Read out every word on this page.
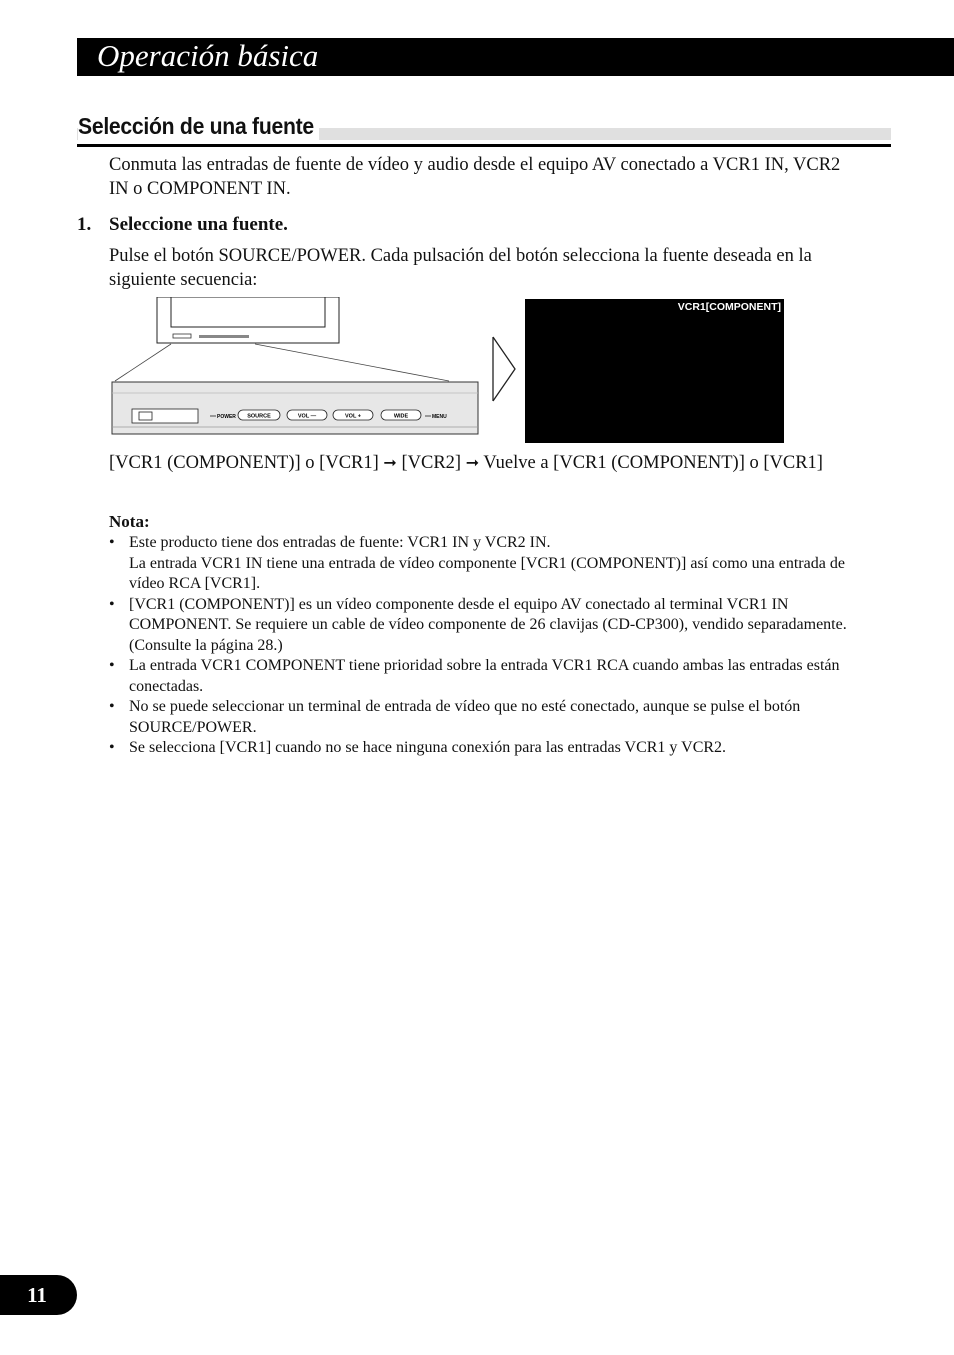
Operación básica
Selección de una fuente
Conmuta las entradas de fuente de vídeo y audio desde el equipo AV conectado a VCR1 IN, VCR2 IN o COMPONENT IN.
1. Seleccione una fuente.
Pulse el botón SOURCE/POWER. Cada pulsación del botón selecciona la fuente deseada en la siguiente secuencia:
POWER SOURCE	VOL —	VOL +	WIDE	MENU
VCR1[COMPONENT]
[VCR1 (COMPONENT)] o [VCR1] ➞ [VCR2] ➞ Vuelve a [VCR1 (COMPONENT)] o [VCR1]
Nota:
• Este producto tiene dos entradas de fuente: VCR1 IN y VCR2 IN.
La entrada VCR1 IN tiene una entrada de vídeo componente [VCR1 (COMPONENT)] así como una entrada de vídeo RCA [VCR1].
• [VCR1 (COMPONENT)] es un vídeo componente desde el equipo AV conectado al terminal VCR1 IN COMPONENT. Se requiere un cable de vídeo componente de 26 clavijas (CD-CP300), vendido separadamente. (Consulte la página 28.)
• La entrada VCR1 COMPONENT tiene prioridad sobre la entrada VCR1 RCA cuando ambas las entradas están conectadas.
• No se puede seleccionar un terminal de entrada de vídeo que no esté conectado, aunque se pulse el botón SOURCE/POWER.
• Se selecciona [VCR1] cuando no se hace ninguna conexión para las entradas VCR1 y VCR2.
11
